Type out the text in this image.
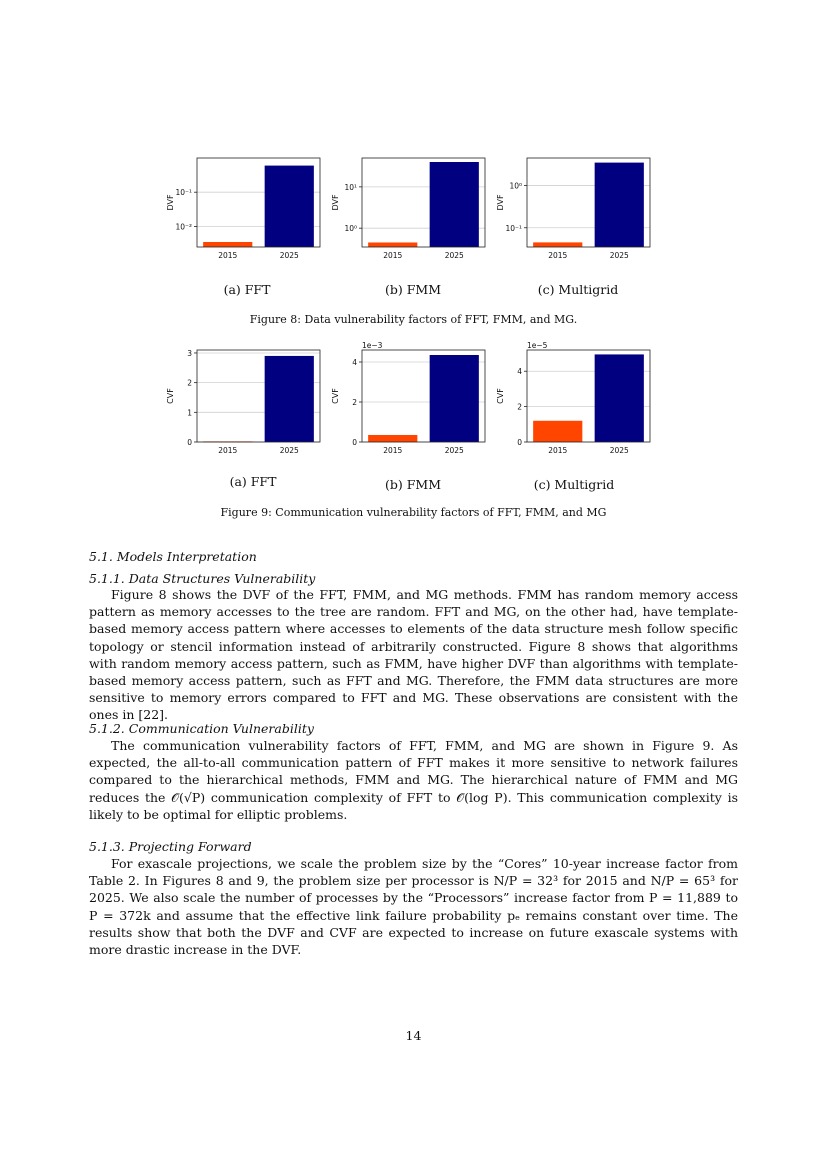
2015	2025
10⁻²
10⁻¹
DVF
2015	2025
10⁰
10¹
DVF
2015	2025
10⁻¹
10⁰
DVF
(a) FFT	(b) FMM	(c) Multigrid
Figure 8: Data vulnerability factors of FFT, FMM, and MG.
2015	2025
0
1
2
3
CVF
2015	2025
0
2
4
1e−3
CVF
2015	2025
0
2
4
1e−5
CVF
(a) FFT	(b) FMM	(c) Multigrid
Figure 9: Communication vulnerability factors of FFT, FMM, and MG
5.1. Models Interpretation
5.1.1. Data Structures Vulnerability

Figure 8 shows the DVF of the FFT, FMM, and MG methods. FMM has random memory access pattern as memory accesses to the tree are random. FFT and MG, on the other had, have template-based memory access pattern where accesses to elements of the data structure mesh follow specific topology or stencil information instead of arbitrarily constructed. Figure 8 shows that algorithms with random memory access pattern, such as FMM, have higher DVF than algorithms with template-based memory access pattern, such as FFT and MG. Therefore, the FMM data structures are more sensitive to memory errors compared to FFT and MG. These observations are consistent with the ones in [22].

5.1.2. Communication Vulnerability

The communication vulnerability factors of FFT, FMM, and MG are shown in Figure 9. As expected, the all-to-all communication pattern of FFT makes it more sensitive to network failures compared to the hierarchical methods, FMM and MG. The hierarchical nature of FMM and MG reduces the 𝒪(√P) communication complexity of FFT to 𝒪(log P). This communication complexity is likely to be optimal for elliptic problems.

5.1.3. Projecting Forward

For exascale projections, we scale the problem size by the “Cores” 10-year increase factor from Table 2. In Figures 8 and 9, the problem size per processor is N/P = 32³ for 2015 and N/P = 65³ for 2025. We also scale the number of processes by the “Processors” increase factor from P = 11,889 to P = 372k and assume that the effective link failure probability pₑ remains constant over time. The results show that both the DVF and CVF are expected to increase on future exascale systems with more drastic increase in the DVF.

14
